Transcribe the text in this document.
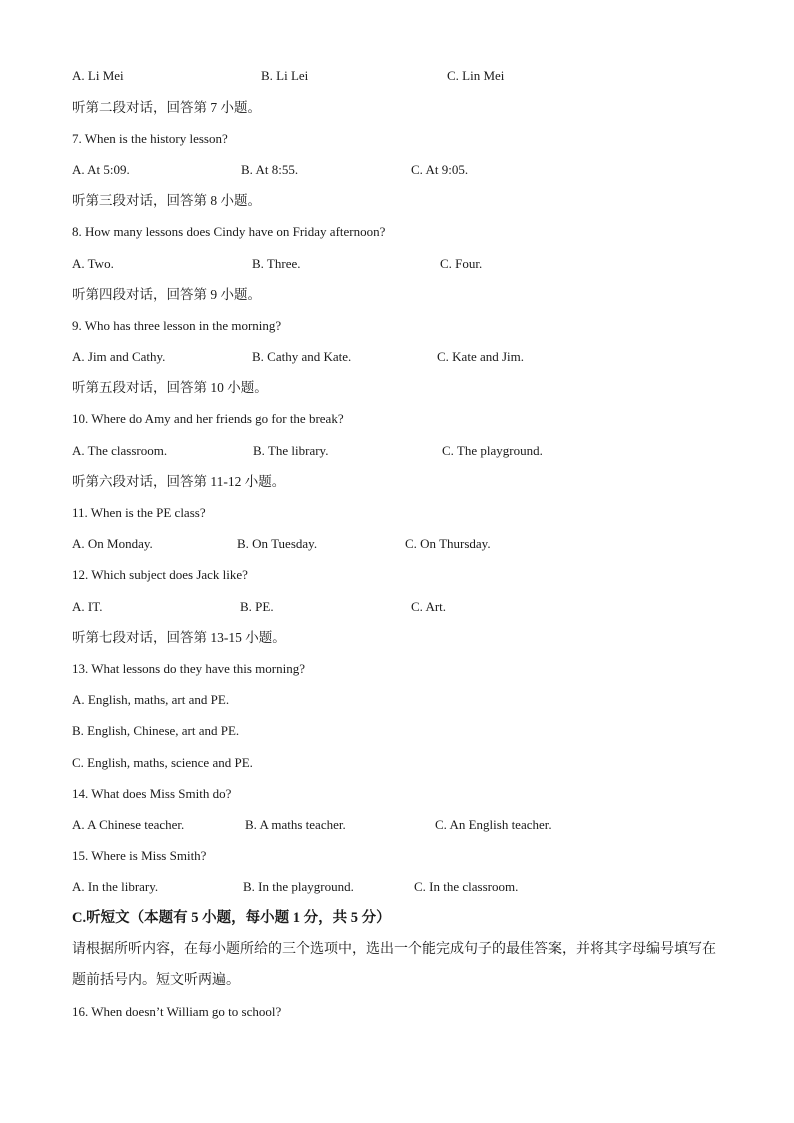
A. Li Mei	B. Li Lei	C. Lin Mei
听第二段对话，回答第 7 小题。
7. When is the history lesson?
A. At 5:09.	B. At 8:55.	C. At 9:05.
听第三段对话，回答第 8 小题。
8. How many lessons does Cindy have on Friday afternoon?
A. Two.	B. Three.	C. Four.
听第四段对话，回答第 9 小题。
9. Who has three lesson in the morning?
A. Jim and Cathy.	B. Cathy and Kate.	C. Kate and Jim.
听第五段对话，回答第 10 小题。
10. Where do Amy and her friends go for the break?
A. The classroom.	B. The library.	C. The playground.
听第六段对话，回答第 11-12 小题。
11. When is the PE class?
A. On Monday.	B. On Tuesday.	C. On Thursday.
12. Which subject does Jack like?
A. IT.	B. PE.	C. Art.
听第七段对话，回答第 13-15 小题。
13. What lessons do they have this morning?
A. English, maths, art and PE.
B. English, Chinese, art and PE.
C. English, maths, science and PE.
14. What does Miss Smith do?
A. A Chinese teacher.	B. A maths teacher.	C. An English teacher.
15. Where is Miss Smith?
A. In the library.	B. In the playground.	C. In the classroom.
C.听短文（本题有 5 小题，每小题 1 分，共 5 分）
请根据所听内容，在每小题所给的三个选项中，选出一个能完成句子的最佳答案，并将其字母编号填写在题前括号内。短文听两遍。
16. When doesn’t William go to school?
